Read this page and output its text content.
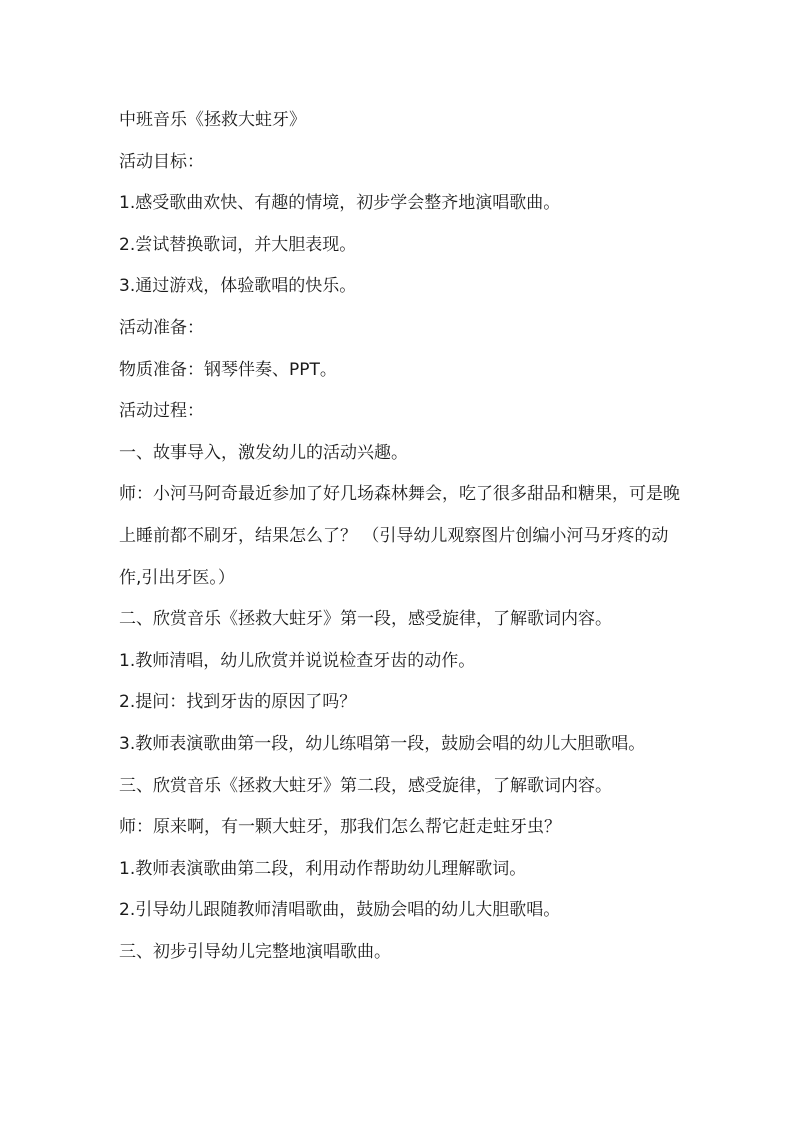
中班音乐《拯救大蛀牙》
活动目标：
1.感受歌曲欢快、有趣的情境，初步学会整齐地演唱歌曲。
2.尝试替换歌词，并大胆表现。
3.通过游戏，体验歌唱的快乐。
活动准备：
物质准备：钢琴伴奏、PPT。
活动过程：
一、故事导入，激发幼儿的活动兴趣。
师：小河马阿奇最近参加了好几场森林舞会，吃了很多甜品和糖果，可是晚上睡前都不刷牙，结果怎么了？ （引导幼儿观察图片创编小河马牙疼的动作,引出牙医。）
二、欣赏音乐《拯救大蛀牙》第一段，感受旋律，了解歌词内容。
1.教师清唱，幼儿欣赏并说说检查牙齿的动作。
2.提问：找到牙齿的原因了吗？
3.教师表演歌曲第一段，幼儿练唱第一段，鼓励会唱的幼儿大胆歌唱。
三、欣赏音乐《拯救大蛀牙》第二段，感受旋律，了解歌词内容。
师：原来啊，有一颗大蛀牙，那我们怎么帮它赶走蛀牙虫？
1.教师表演歌曲第二段，利用动作帮助幼儿理解歌词。
2.引导幼儿跟随教师清唱歌曲，鼓励会唱的幼儿大胆歌唱。
三、初步引导幼儿完整地演唱歌曲。
